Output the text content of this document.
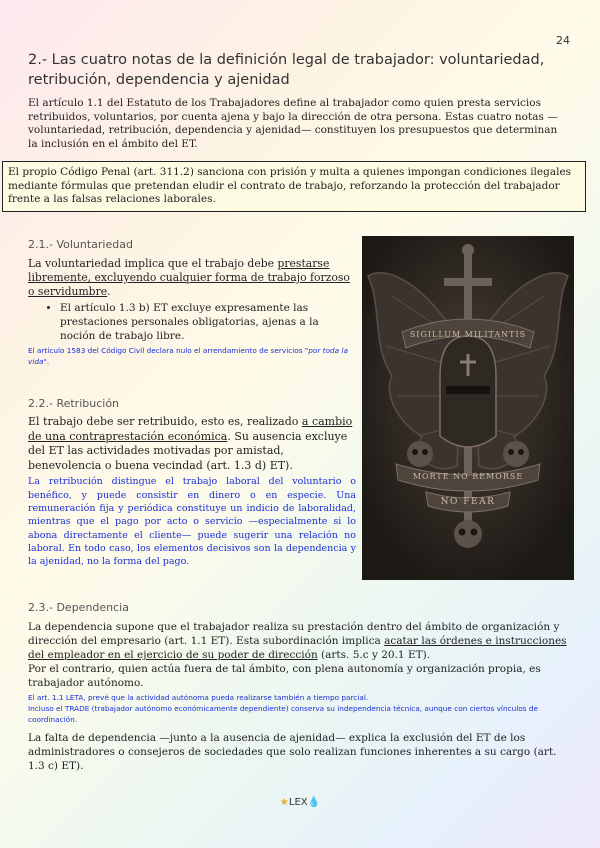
24
2.- Las cuatro notas de la definición legal de trabajador: voluntariedad, retribución, dependencia y ajenidad

El artículo 1.1 del Estatuto de los Trabajadores define al trabajador como quien presta servicios retribuidos, voluntarios, por cuenta ajena y bajo la dirección de otra persona. Estas cuatro notas —voluntariedad, retribución, dependencia y ajenidad— constituyen los presupuestos que determinan la inclusión en el ámbito del ET.

El propio Código Penal (art. 311.2) sanciona con prisión y multa a quienes impongan condiciones ilegales mediante fórmulas que pretendan eludir el contrato de trabajo, reforzando la protección del trabajador frente a las falsas relaciones laborales.

2.1.- Voluntariedad

La voluntariedad implica que el trabajo debe prestarse libremente, excluyendo cualquier forma de trabajo forzoso o servidumbre.

• El artículo 1.3 b) ET excluye expresamente las prestaciones personales obligatorias, ajenas a la noción de trabajo libre.

El artículo 1583 del Código Civil declara nulo el arrendamiento de servicios "por toda la vida".

2.2.- Retribución

El trabajo debe ser retribuido, esto es, realizado a cambio de una contraprestación económica. Su ausencia excluye del ET las actividades motivadas por amistad, benevolencia o buena vecindad (art. 1.3 d) ET).

La retribución distingue el trabajo laboral del voluntario o benéfico, y puede consistir en dinero o en especie. Una remuneración fija y periódica constituye un indicio de laboralidad, mientras que el pago por acto o servicio —especialmente si lo abona directamente el cliente— puede sugerir una relación no laboral. En todo caso, los elementos decisivos son la dependencia y la ajenidad, no la forma del pago.

SIGILLUM MILITANTIS
MORTE NO REMORSE
NO FEAR
2.3.- Dependencia

La dependencia supone que el trabajador realiza su prestación dentro del ámbito de organización y dirección del empresario (art. 1.1 ET). Esta subordinación implica acatar las órdenes e instrucciones del empleador en el ejercicio de su poder de dirección (arts. 5.c y 20.1 ET).

Por el contrario, quien actúa fuera de tal ámbito, con plena autonomía y organización propia, es trabajador autónomo.

El art. 1.1 LETA, prevé que la actividad autónoma pueda realizarse también a tiempo parcial.

Incluso el TRADE (trabajador autónomo económicamente dependiente) conserva su independencia técnica, aunque con ciertos vínculos de coordinación.

La falta de dependencia —junto a la ausencia de ajenidad— explica la exclusión del ET de los administradores o consejeros de sociedades que solo realizan funciones inherentes a su cargo (art. 1.3 c) ET).

★LEX💧
